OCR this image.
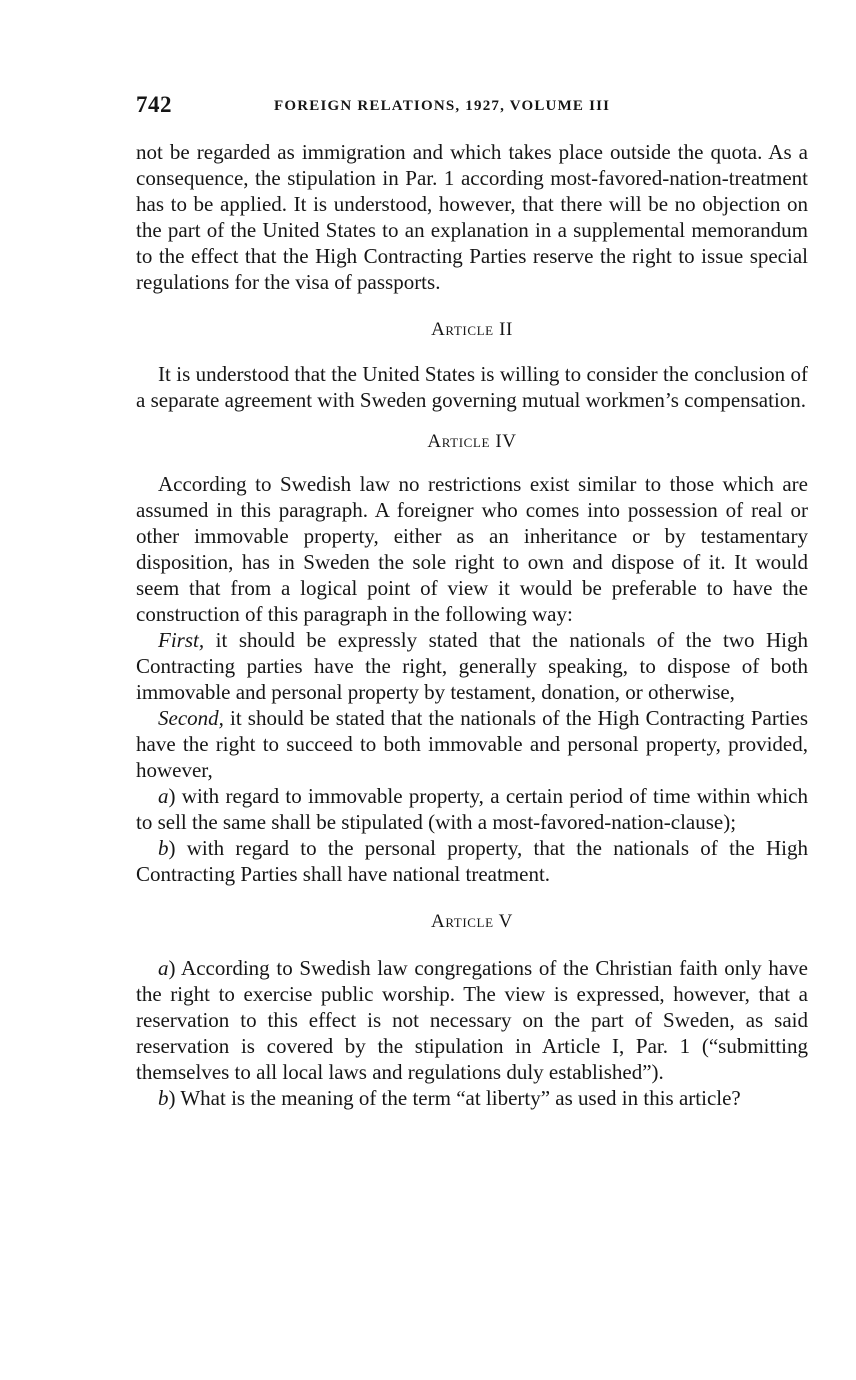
742	FOREIGN RELATIONS, 1927, VOLUME III

not be regarded as immigration and which takes place outside the quota. As a consequence, the stipulation in Par. 1 according most-favored-nation-treatment has to be applied. It is understood, however, that there will be no objection on the part of the United States to an explanation in a supplemental memorandum to the effect that the High Contracting Parties reserve the right to issue special regulations for the visa of passports.

Article II

It is understood that the United States is willing to consider the conclusion of a separate agreement with Sweden governing mutual workmen’s compensation.

Article IV

According to Swedish law no restrictions exist similar to those which are assumed in this paragraph. A foreigner who comes into possession of real or other immovable property, either as an inheritance or by testamentary disposition, has in Sweden the sole right to own and dispose of it. It would seem that from a logical point of view it would be preferable to have the construction of this paragraph in the following way:

First, it should be expressly stated that the nationals of the two High Contracting parties have the right, generally speaking, to dispose of both immovable and personal property by testament, donation, or otherwise,

Second, it should be stated that the nationals of the High Contracting Parties have the right to succeed to both immovable and personal property, provided, however,

a) with regard to immovable property, a certain period of time within which to sell the same shall be stipulated (with a most-favored-nation-clause);

b) with regard to the personal property, that the nationals of the High Contracting Parties shall have national treatment.

Article V

a) According to Swedish law congregations of the Christian faith only have the right to exercise public worship. The view is expressed, however, that a reservation to this effect is not necessary on the part of Sweden, as said reservation is covered by the stipulation in Article I, Par. 1 (“submitting themselves to all local laws and regulations duly established”).

b) What is the meaning of the term “at liberty” as used in this article?
